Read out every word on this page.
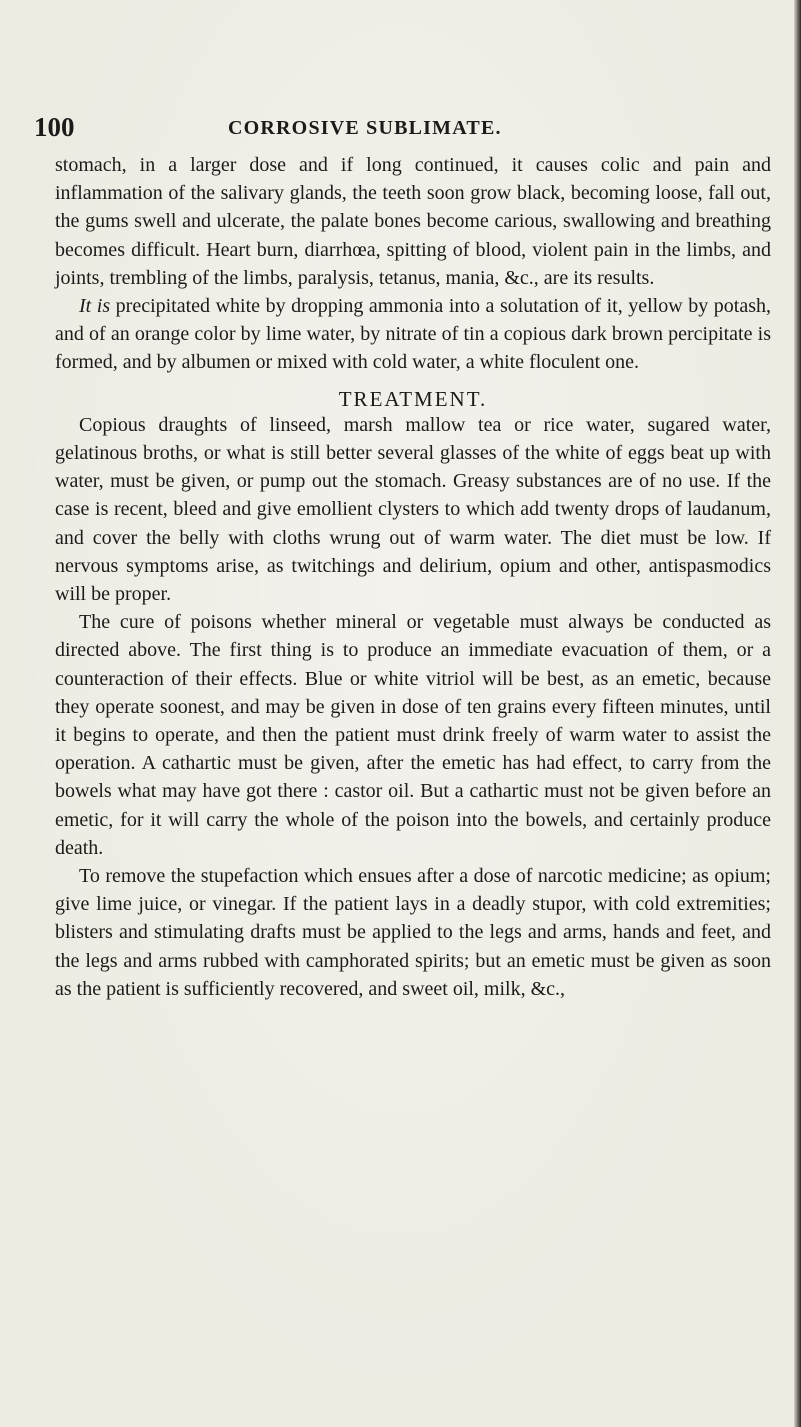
100	CORROSIVE SUBLIMATE.

stomach, in a larger dose and if long continued, it causes colic and pain and inflammation of the salivary glands, the teeth soon grow black, becoming loose, fall out, the gums swell and ulcerate, the palate bones become carious, swallowing and breathing becomes difficult. Heart burn, diarrhœa, spitting of blood, violent pain in the limbs, and joints, trembling of the limbs, paralysis, tetanus, mania, &c., are its results.

It is precipitated white by dropping ammonia into a solutation of it, yellow by potash, and of an orange color by lime water, by nitrate of tin a copious dark brown percipitate is formed, and by albumen or mixed with cold water, a white floculent one.

TREATMENT.

Copious draughts of linseed, marsh mallow tea or rice water, sugared water, gelatinous broths, or what is still better several glasses of the white of eggs beat up with water, must be given, or pump out the stomach. Greasy substances are of no use. If the case is recent, bleed and give emollient clysters to which add twenty drops of laudanum, and cover the belly with cloths wrung out of warm water. The diet must be low. If nervous symptoms arise, as twitchings and delirium, opium and other, antispasmodics will be proper.

The cure of poisons whether mineral or vegetable must always be conducted as directed above. The first thing is to produce an immediate evacuation of them, or a counteraction of their effects. Blue or white vitriol will be best, as an emetic, because they operate soonest, and may be given in dose of ten grains every fifteen minutes, until it begins to operate, and then the patient must drink freely of warm water to assist the operation. A cathartic must be given, after the emetic has had effect, to carry from the bowels what may have got there : castor oil. But a cathartic must not be given before an emetic, for it will carry the whole of the poison into the bowels, and certainly produce death.

To remove the stupefaction which ensues after a dose of narcotic medicine; as opium; give lime juice, or vinegar. If the patient lays in a deadly stupor, with cold extremities; blisters and stimulating drafts must be applied to the legs and arms, hands and feet, and the legs and arms rubbed with camphorated spirits; but an emetic must be given as soon as the patient is sufficiently recovered, and sweet oil, milk, &c.,
